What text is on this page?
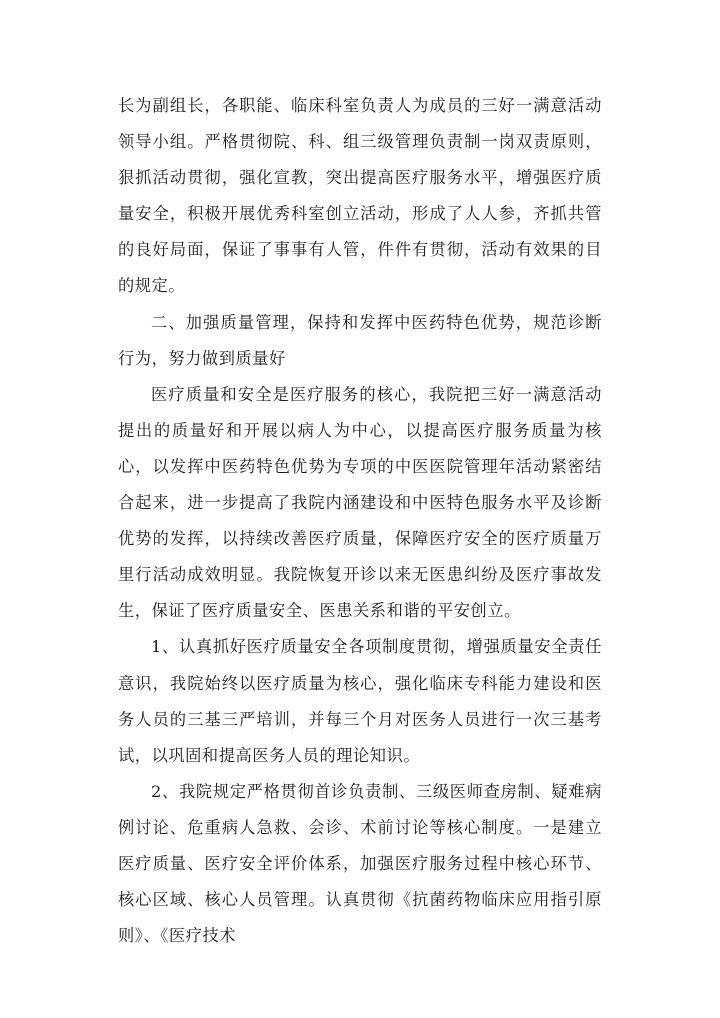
长为副组长，各职能、临床科室负责人为成员的三好一满意活动领导小组。严格贯彻院、科、组三级管理负责制一岗双责原则，狠抓活动贯彻，强化宣教，突出提高医疗服务水平，增强医疗质量安全，积极开展优秀科室创立活动，形成了人人参，齐抓共管的良好局面，保证了事事有人管，件件有贯彻，活动有效果的目的规定。

二、加强质量管理，保持和发挥中医药特色优势，规范诊断行为，努力做到质量好

医疗质量和安全是医疗服务的核心，我院把三好一满意活动提出的质量好和开展以病人为中心，以提高医疗服务质量为核心，以发挥中医药特色优势为专项的中医医院管理年活动紧密结合起来，进一步提高了我院内涵建设和中医特色服务水平及诊断优势的发挥，以持续改善医疗质量，保障医疗安全的医疗质量万里行活动成效明显。我院恢复开诊以来无医患纠纷及医疗事故发生，保证了医疗质量安全、医患关系和谐的平安创立。

1、认真抓好医疗质量安全各项制度贯彻，增强质量安全责任意识，我院始终以医疗质量为核心，强化临床专科能力建设和医务人员的三基三严培训，并每三个月对医务人员进行一次三基考试，以巩固和提高医务人员的理论知识。

2、我院规定严格贯彻首诊负责制、三级医师查房制、疑难病例讨论、危重病人急救、会诊、术前讨论等核心制度。一是建立医疗质量、医疗安全评价体系，加强医疗服务过程中核心环节、核心区域、核心人员管理。认真贯彻《抗菌药物临床应用指引原则》、《医疗技术
